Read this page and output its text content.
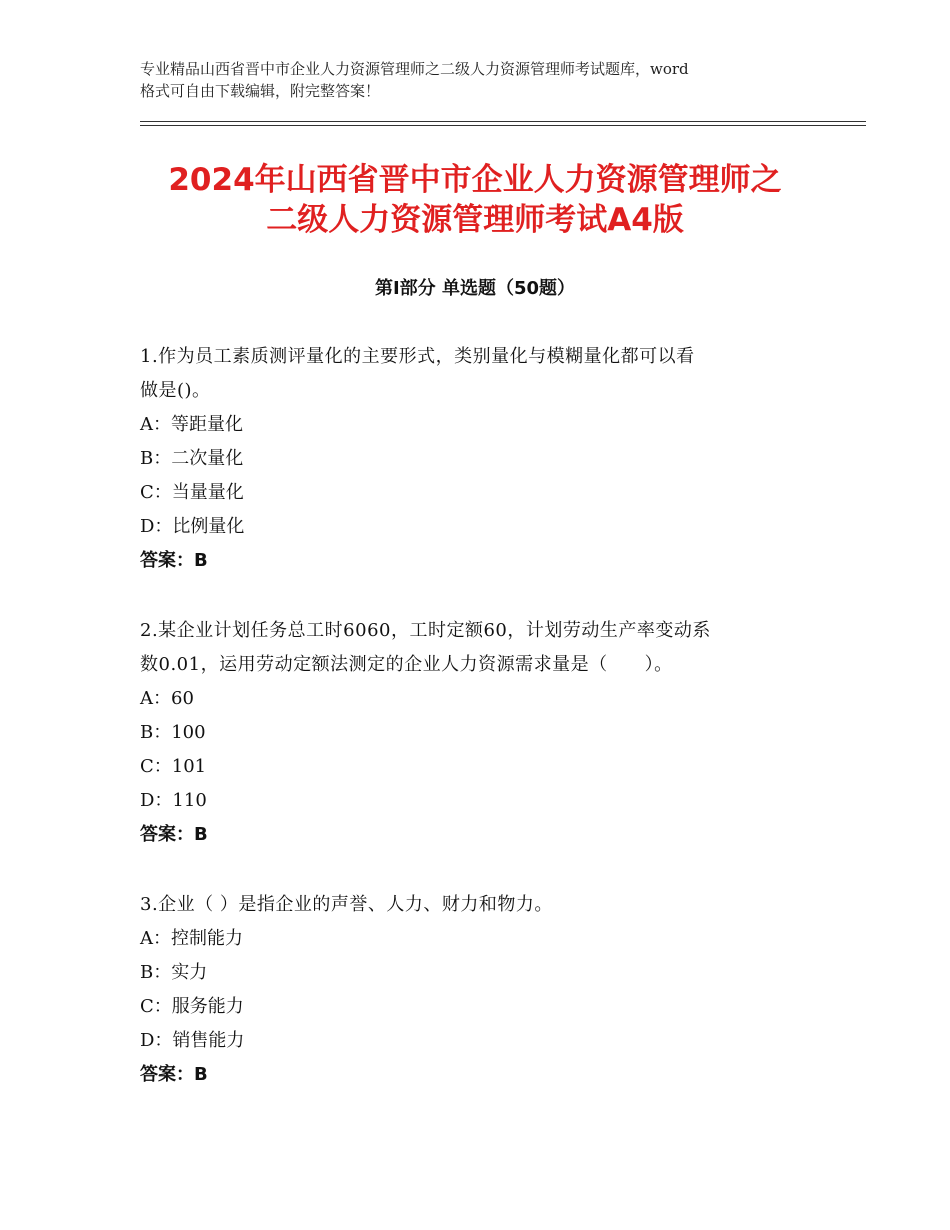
专业精品山西省晋中市企业人力资源管理师之二级人力资源管理师考试题库，word
格式可自由下载编辑，附完整答案！
2024年山西省晋中市企业人力资源管理师之
二级人力资源管理师考试A4版
第Ⅰ部分 单选题（50题）
1.作为员工素质测评量化的主要形式，类别量化与模糊量化都可以看
做是()。
A：等距量化
B：二次量化
C：当量量化
D：比例量化
答案：B
2.某企业计划任务总工时6060，工时定额60，计划劳动生产率变动系
数0.01，运用劳动定额法测定的企业人力资源需求量是（　　）。
A：60
B：100
C：101
D：110
答案：B
3.企业（ ）是指企业的声誉、人力、财力和物力。
A：控制能力
B：实力
C：服务能力
D：销售能力
答案：B
